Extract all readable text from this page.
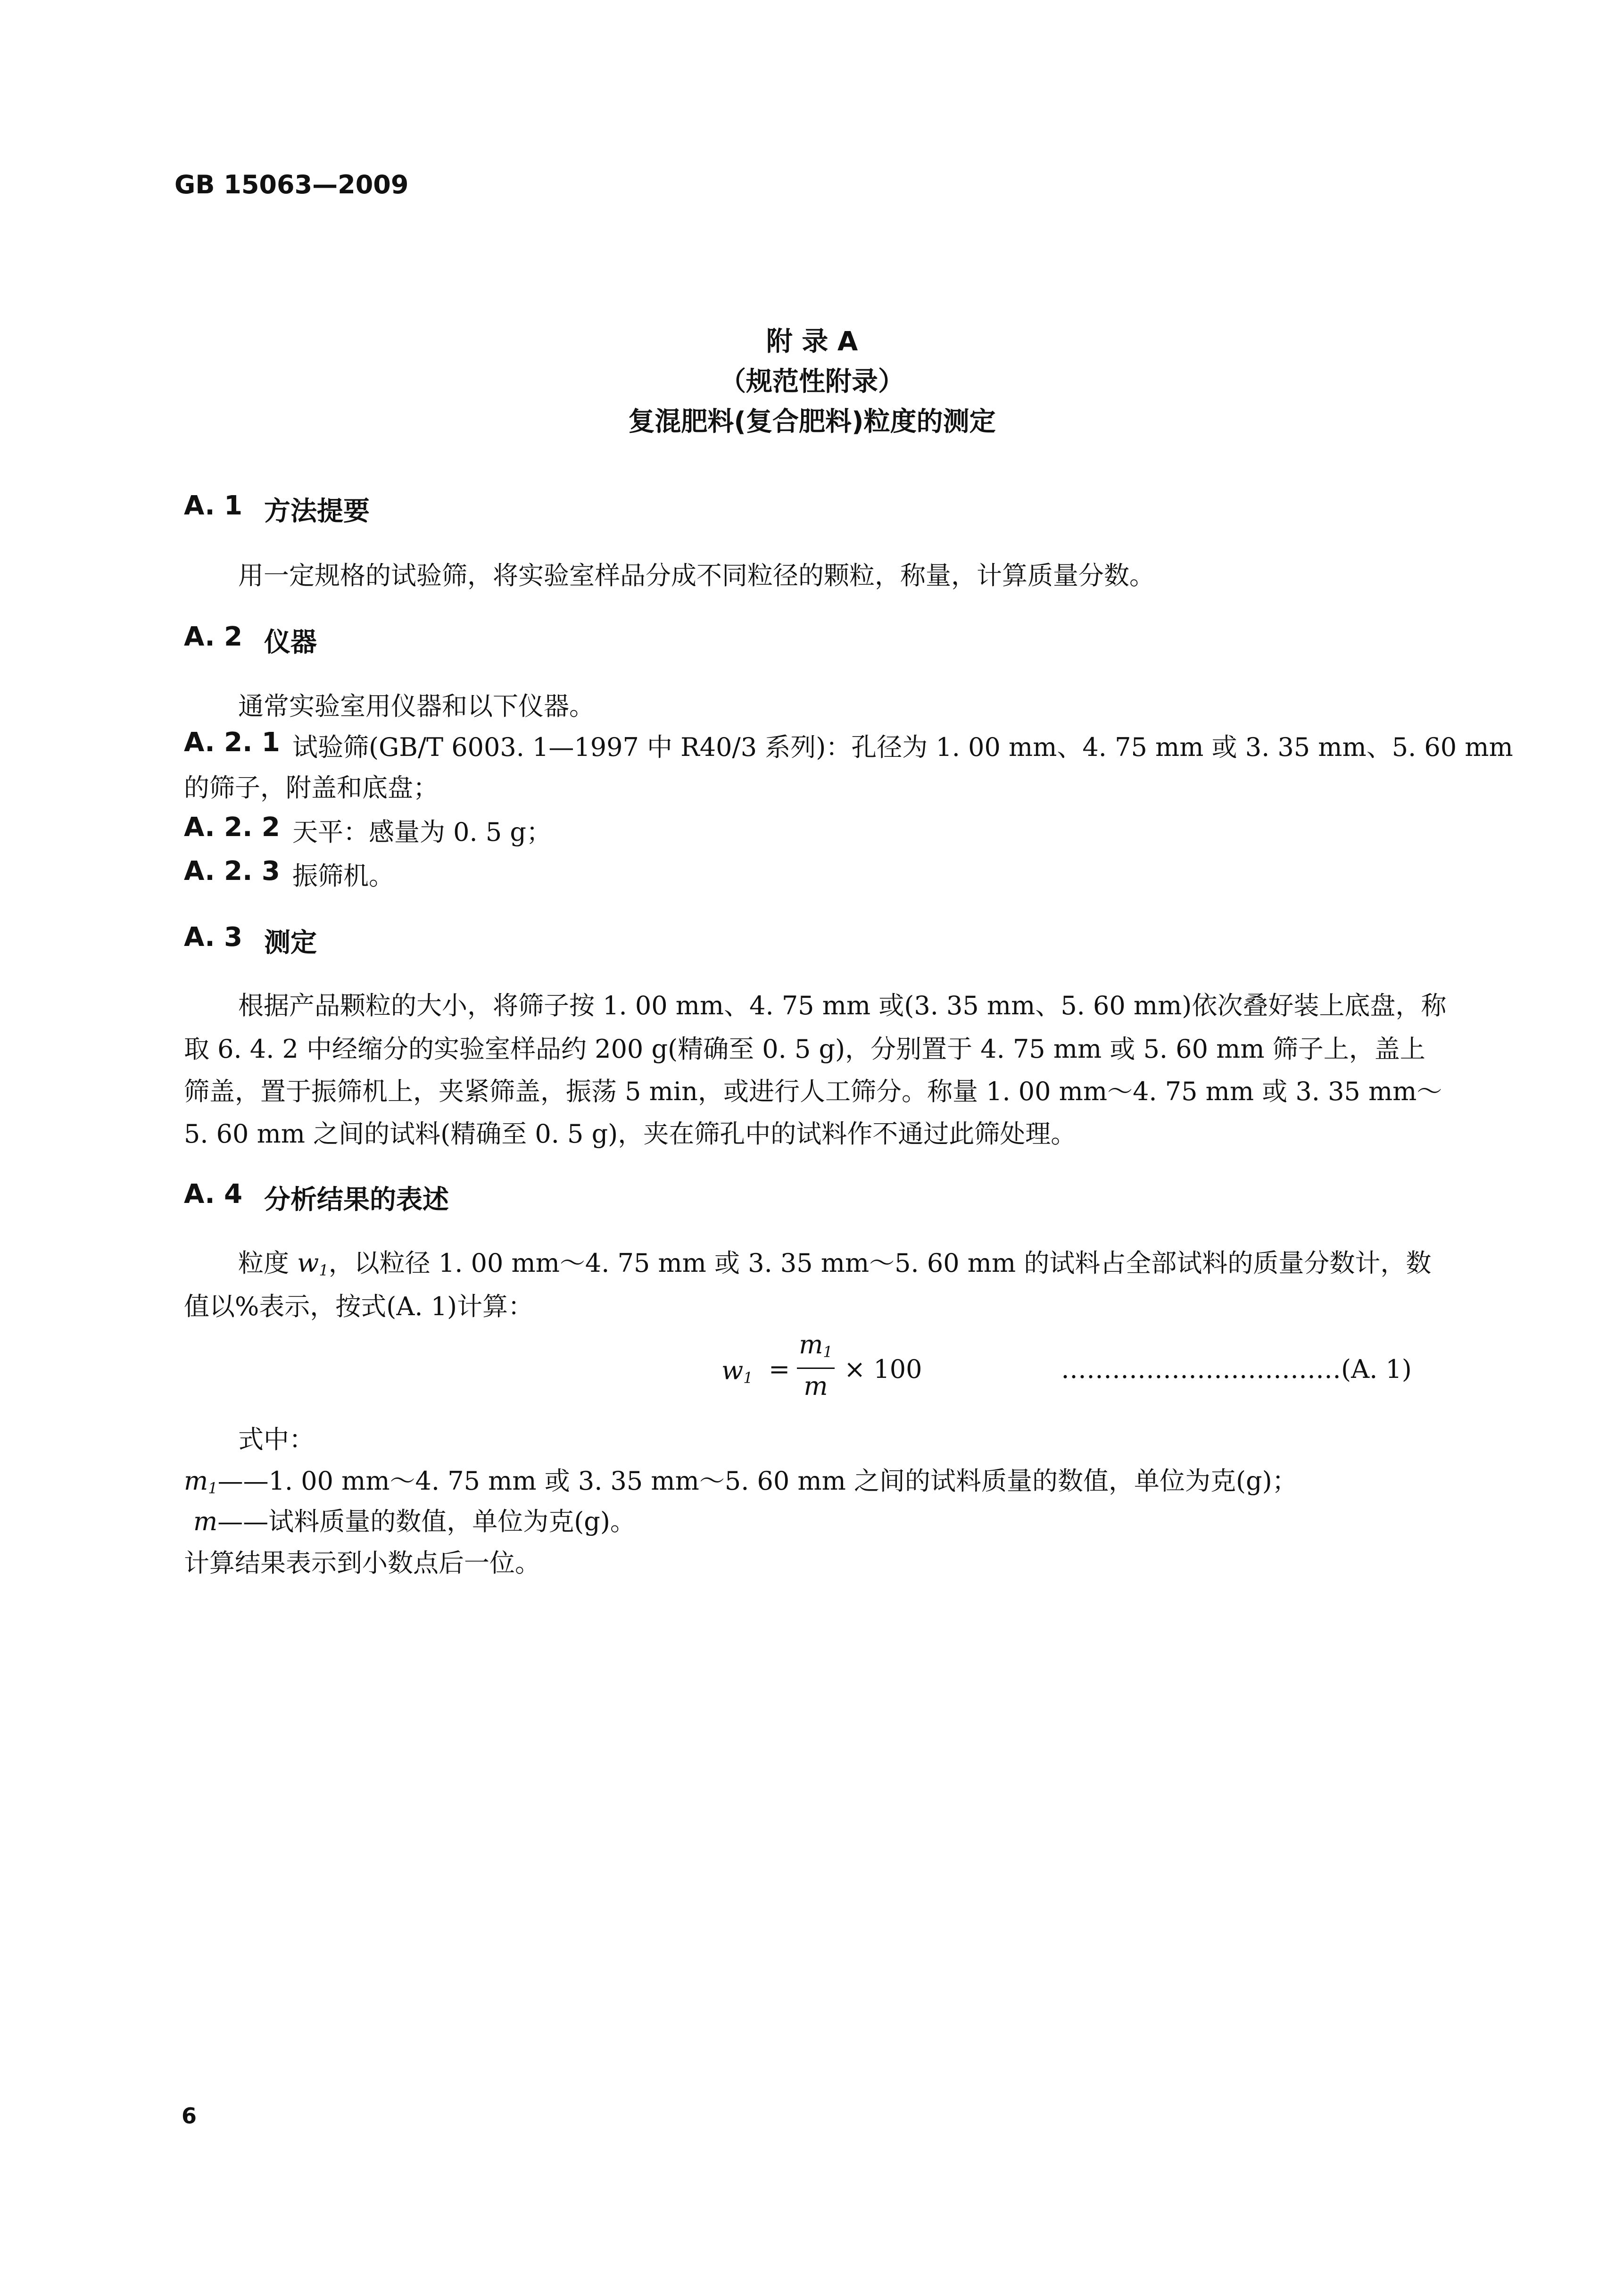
GB 15063—2009
附 录 A
（规范性附录）
复混肥料(复合肥料)粒度的测定
A. 1 方法提要
用一定规格的试验筛，将实验室样品分成不同粒径的颗粒，称量，计算质量分数。
A. 2 仪器
通常实验室用仪器和以下仪器。
A. 2. 1 试验筛(GB/T 6003. 1—1997 中 R40/3 系列)：孔径为 1. 00 mm、4. 75 mm 或 3. 35 mm、5. 60 mm
的筛子，附盖和底盘；
A. 2. 2 天平：感量为 0. 5 g；
A. 2. 3 振筛机。
A. 3 测定
根据产品颗粒的大小，将筛子按 1. 00 mm、4. 75 mm 或(3. 35 mm、5. 60 mm)依次叠好装上底盘，称
取 6. 4. 2 中经缩分的实验室样品约 200 g(精确至 0. 5 g)，分别置于 4. 75 mm 或 5. 60 mm 筛子上，盖上
筛盖，置于振筛机上，夹紧筛盖，振荡 5 min，或进行人工筛分。称量 1. 00 mm～4. 75 mm 或 3. 35 mm～
5. 60 mm 之间的试料(精确至 0. 5 g)，夹在筛孔中的试料作不通过此筛处理。
A. 4 分析结果的表述
粒度 $w_1$，以粒径 1. 00 mm～4. 75 mm 或 3. 35 mm～5. 60 mm 的试料占全部试料的质量分数计，数
值以%表示，按式(A. 1)计算：
$w_1$ =
$m_1$
m
× 100	……………………………(A. 1)
式中：
$m_1——1$. 00 mm～4. 75 mm 或 3. 35 mm～5. 60 mm 之间的试料质量的数值，单位为克(g)；
m——试料质量的数值，单位为克(g)。
计算结果表示到小数点后一位。
6
